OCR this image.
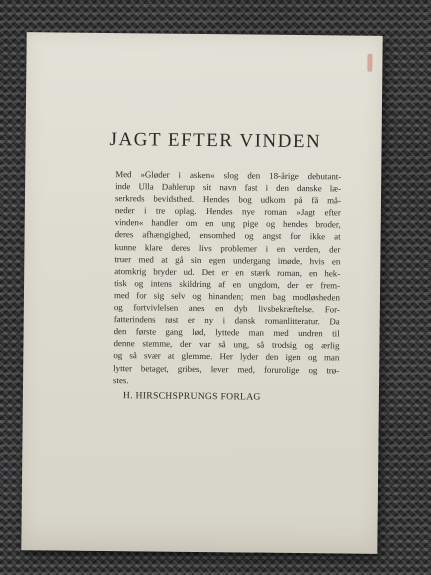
JAGT EFTER VINDEN
Med »Gløder i asken« slog den 18-årige debutant-
inde Ulla Dahlerup sit navn fast i den danske læ-
serkreds bevidsthed. Hendes bog udkom på få må-
neder i tre oplag. Hendes nye roman »Jagt efter
vinden« handler om en ung pige og hendes broder,
deres afhængighed, ensomhed og angst for ikke at
kunne klare deres livs problemer i en verden, der
truer med at gå sin egen undergang imøde, hvis en
atomkrig bryder ud. Det er en stærk roman, en hek-
tisk og intens skildring af en ungdom, der er frem-
med for sig selv og hinanden; men bag modløsheden
og fortvivlelsen anes en dyb livsbekræftelse. For-
fatterindens røst er ny i dansk romanlitteratur. Da
den første gang lød, lyttede man med undren til
denne stemme, der var så ung, så trodsig og ærlig
og så svær at glemme. Her lyder den igen og man
lytter betaget, gribes, lever med, forurolige og trø-
stes.

H. HIRSCHSPRUNGS FORLAG
